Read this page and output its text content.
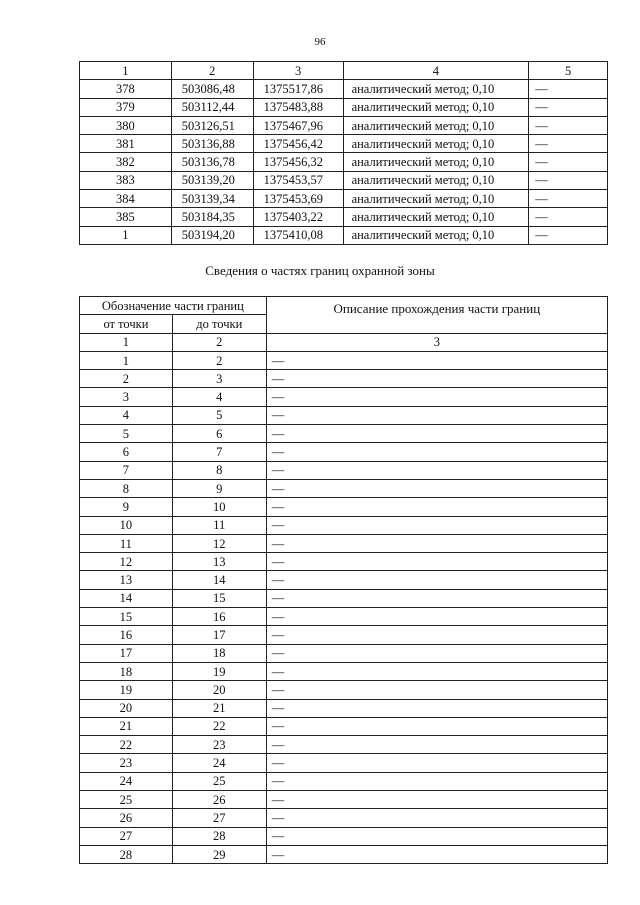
96
1	2	3	4	5
378	503086,48	1375517,86	аналитический метод; 0,10	—
379	503112,44	1375483,88	аналитический метод; 0,10	—
380	503126,51	1375467,96	аналитический метод; 0,10	—
381	503136,88	1375456,42	аналитический метод; 0,10	—
382	503136,78	1375456,32	аналитический метод; 0,10	—
383	503139,20	1375453,57	аналитический метод; 0,10	—
384	503139,34	1375453,69	аналитический метод; 0,10	—
385	503184,35	1375403,22	аналитический метод; 0,10	—
1	503194,20	1375410,08	аналитический метод; 0,10	—
Сведения о частях границ охранной зоны
Обозначение части границ		Описание прохождения части границ
от точки	до точки	
1	2	3
1	2	—
2	3	—
3	4	—
4	5	—
5	6	—
6	7	—
7	8	—
8	9	—
9	10	—
10	11	—
11	12	—
12	13	—
13	14	—
14	15	—
15	16	—
16	17	—
17	18	—
18	19	—
19	20	—
20	21	—
21	22	—
22	23	—
23	24	—
24	25	—
25	26	—
26	27	—
27	28	—
28	29	—
